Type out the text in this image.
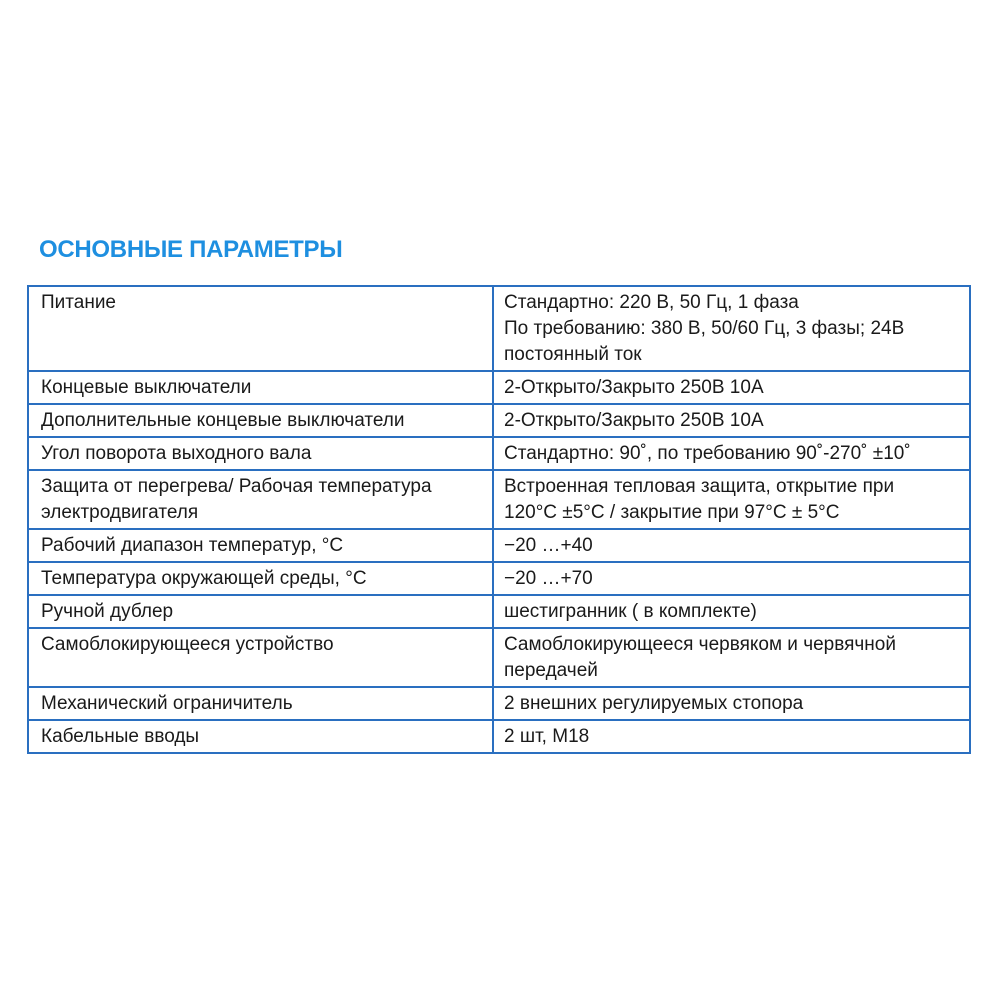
ОСНОВНЫЕ ПАРАМЕТРЫ
Питание	Стандартно: 220 В, 50 Гц, 1 фаза
По требованию: 380 В, 50/60 Гц, 3 фазы; 24В
постоянный ток

Концевые выключатели	2-Открыто/Закрыто 250В 10А

Дополнительные концевые выключатели	2-Открыто/Закрыто 250В 10А

Угол поворота выходного вала	Стандартно: 90˚, по требованию 90˚-270˚ ±10˚

Защита от перегрева/ Рабочая температура
электродвигателя	Встроенная тепловая защита, открытие при
120°C ±5°C / закрытие при 97°C ± 5°C

Рабочий диапазон температур, °C	−20 …+40

Температура окружающей среды, °C	−20 …+70

Ручной дублер	шестигранник ( в комплекте)

Самоблокирующееся устройство	Самоблокирующееся червяком и червячной
передачей

Механический ограничитель	2 внешних регулируемых стопора

Кабельные вводы	2 шт, М18
